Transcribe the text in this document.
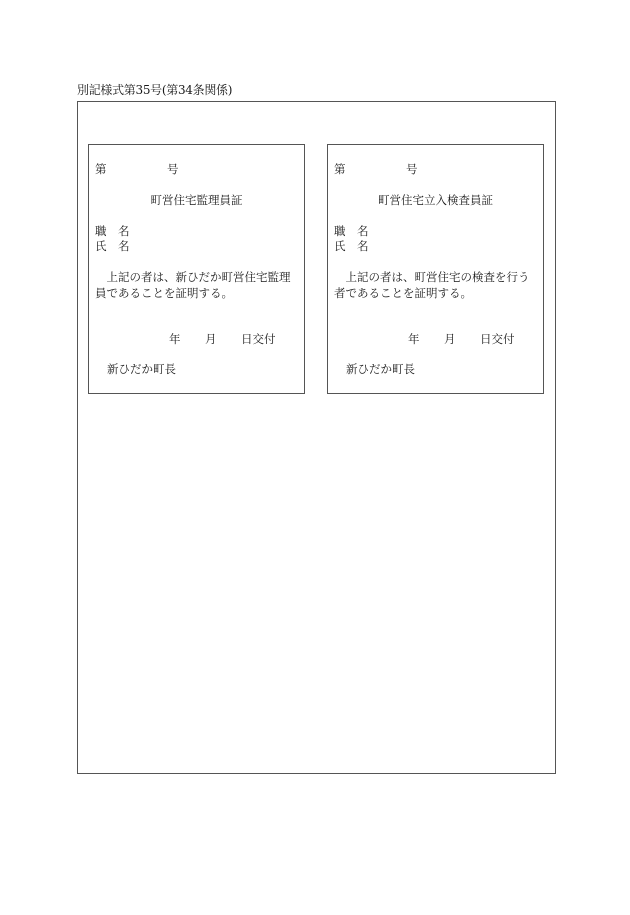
別記様式第35号(第34条関係)
第	号
町営住宅監理員証
職　名
氏　名
上記の者は、新ひだか町営住宅監理員であることを証明する。
年 月 日交付
新ひだか町長
第	号
町営住宅立入検査員証
職　名
氏　名
上記の者は、町営住宅の検査を行う者であることを証明する。
年 月 日交付
新ひだか町長
